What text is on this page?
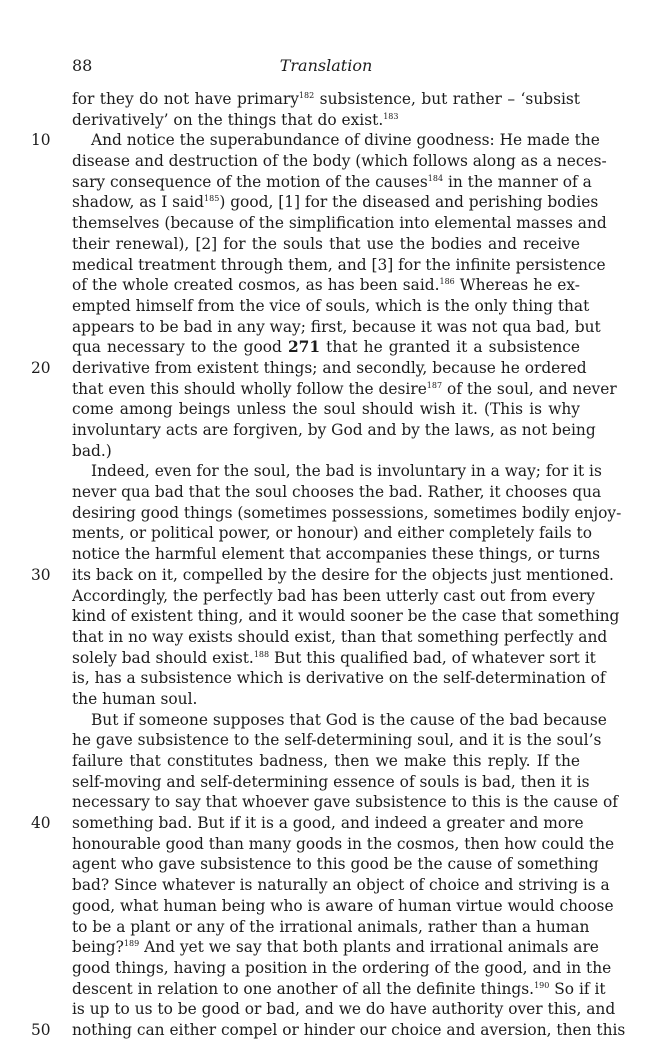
88	Translation
for they do not have primary$^{182}$ subsistence, but rather – ‘subsist
derivatively’ on the things that do exist.$^{183}$
10	And notice the superabundance of divine goodness: He made the
disease and destruction of the body (which follows along as a neces-
sary consequence of the motion of the causes$^{184}$ in the manner of a
shadow, as I said$^{185}$) good, [1] for the diseased and perishing bodies
themselves (because of the simplification into elemental masses and
their renewal), [2] for the souls that use the bodies and receive
medical treatment through them, and [3] for the infinite persistence
of the whole created cosmos, as has been said.$^{186}$ Whereas he ex-
empted himself from the vice of souls, which is the only thing that
appears to be bad in any way; first, because it was not qua bad, but
qua necessary to the good 271 that he granted it a subsistence
20	derivative from existent things; and secondly, because he ordered
that even this should wholly follow the desire$^{187}$ of the soul, and never
come among beings unless the soul should wish it. (This is why
involuntary acts are forgiven, by God and by the laws, as not being
bad.)
Indeed, even for the soul, the bad is involuntary in a way; for it is
never qua bad that the soul chooses the bad. Rather, it chooses qua
desiring good things (sometimes possessions, sometimes bodily enjoy-
ments, or political power, or honour) and either completely fails to
notice the harmful element that accompanies these things, or turns
30	its back on it, compelled by the desire for the objects just mentioned.
Accordingly, the perfectly bad has been utterly cast out from every
kind of existent thing, and it would sooner be the case that something
that in no way exists should exist, than that something perfectly and
solely bad should exist.$^{188}$ But this qualified bad, of whatever sort it
is, has a subsistence which is derivative on the self-determination of
the human soul.
But if someone supposes that God is the cause of the bad because
he gave subsistence to the self-determining soul, and it is the soul’s
failure that constitutes badness, then we make this reply. If the
self-moving and self-determining essence of souls is bad, then it is
necessary to say that whoever gave subsistence to this is the cause of
40	something bad. But if it is a good, and indeed a greater and more
honourable good than many goods in the cosmos, then how could the
agent who gave subsistence to this good be the cause of something
bad? Since whatever is naturally an object of choice and striving is a
good, what human being who is aware of human virtue would choose
to be a plant or any of the irrational animals, rather than a human
being?$^{189}$ And yet we say that both plants and irrational animals are
good things, having a position in the ordering of the good, and in the
descent in relation to one another of all the definite things.$^{190}$ So if it
is up to us to be good or bad, and we do have authority over this, and
50	nothing can either compel or hinder our choice and aversion, then this
